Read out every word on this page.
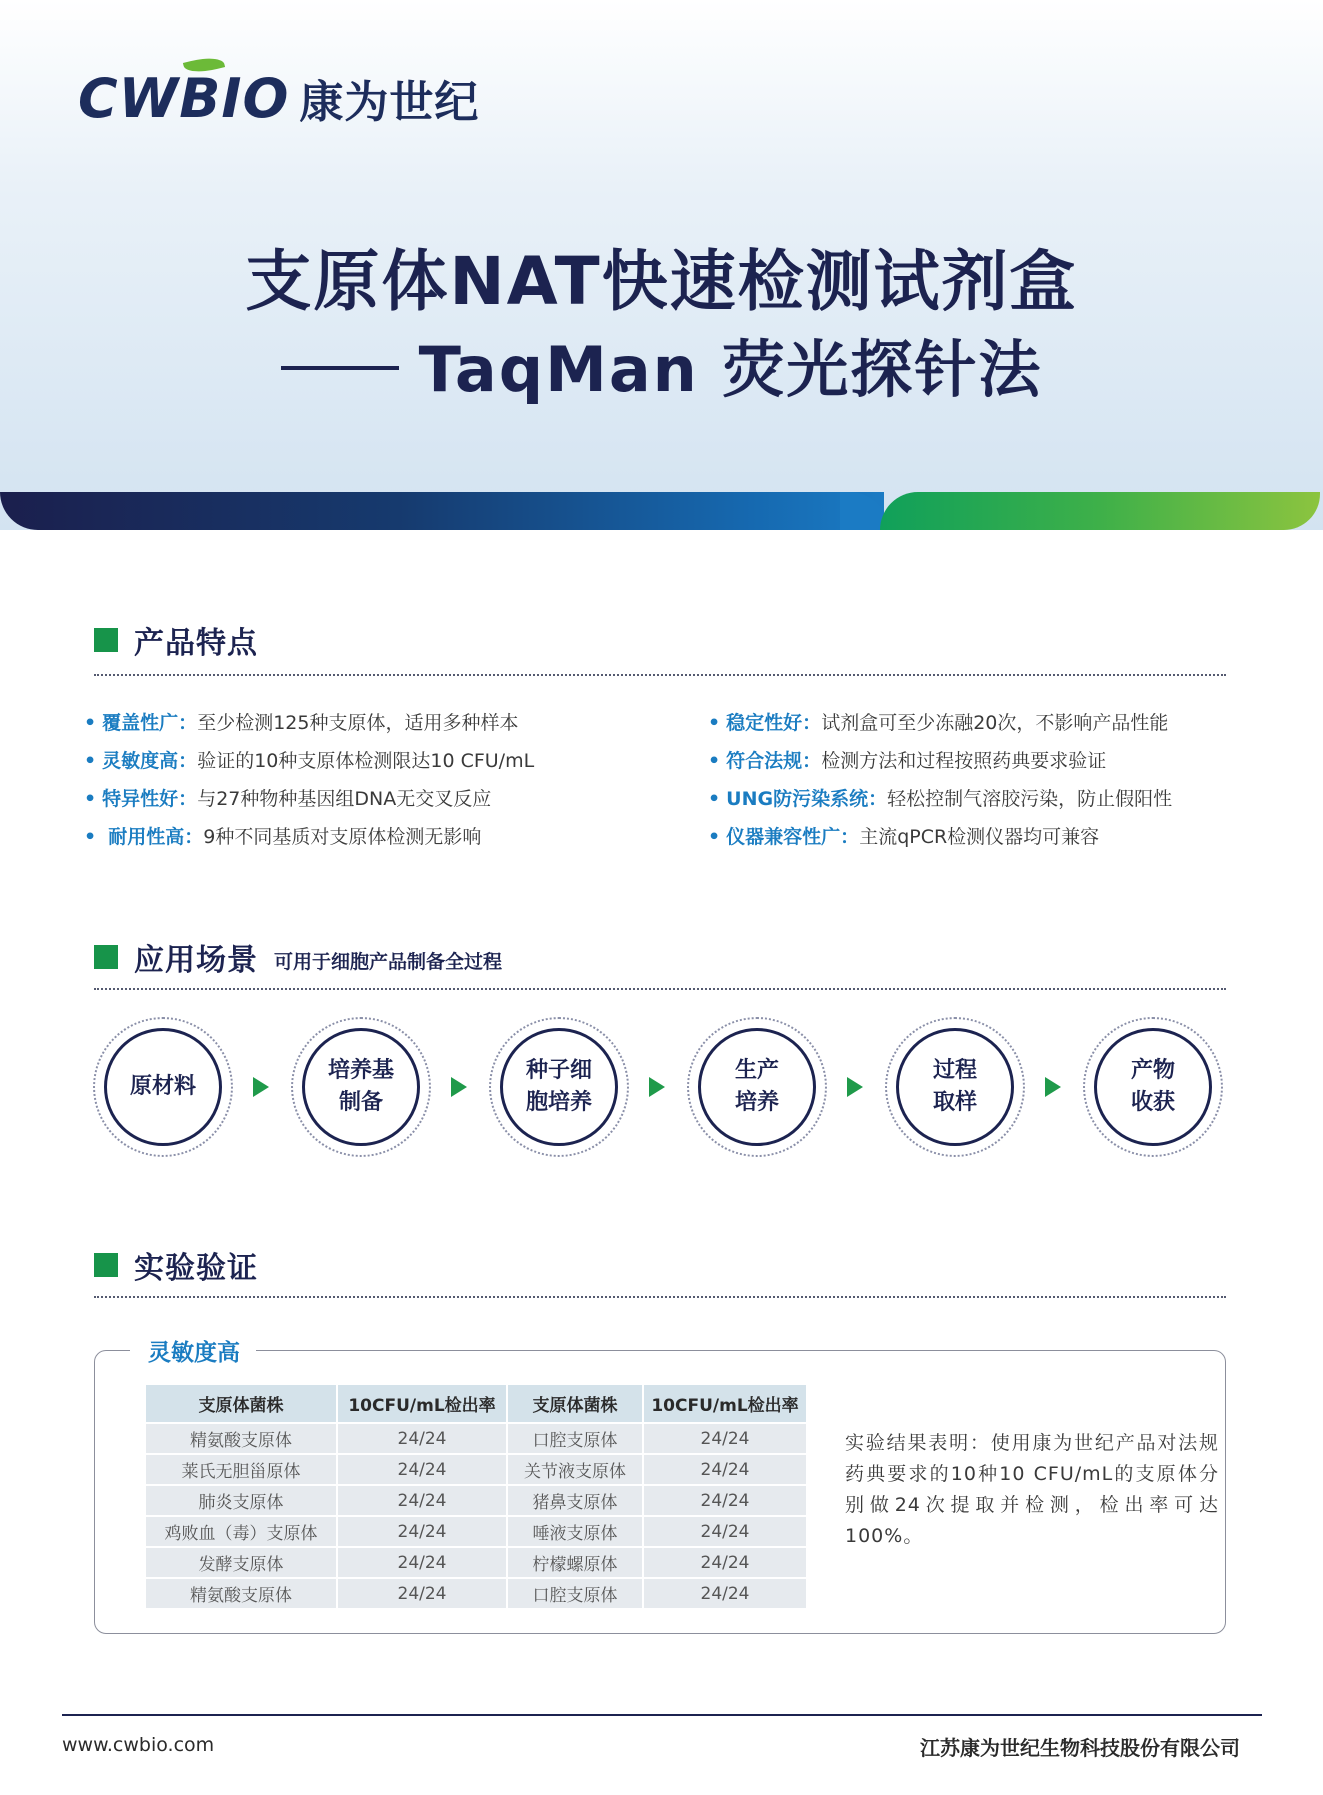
CWBIO 康为世纪
支原体NAT快速检测试剂盒
TaqMan 荧光探针法
产品特点
• 覆盖性广：至少检测125种支原体，适用多种样本
• 灵敏度高：验证的10种支原体检测限达10 CFU/mL
• 特异性好：与27种物种基因组DNA无交叉反应
• 耐用性高：9种不同基质对支原体检测无影响
• 稳定性好：试剂盒可至少冻融20次，不影响产品性能
• 符合法规：检测方法和过程按照药典要求验证
• UNG防污染系统：轻松控制气溶胶污染，防止假阳性
• 仪器兼容性广：主流qPCR检测仪器均可兼容
应用场景 可用于细胞产品制备全过程
原材料
培养基制备
种子细胞培养
生产培养
过程取样
产物收获
实验验证
灵敏度高
支原体菌株	10CFU/mL检出率	支原体菌株	10CFU/mL检出率
精氨酸支原体	24/24	口腔支原体	24/24
莱氏无胆甾原体	24/24	关节液支原体	24/24
肺炎支原体	24/24	猪鼻支原体	24/24
鸡败血（毒）支原体	24/24	唾液支原体	24/24
发酵支原体	24/24	柠檬螺原体	24/24
精氨酸支原体	24/24	口腔支原体	24/24
实验结果表明：使用康为世纪产品对法规药典要求的10种10 CFU/mL的支原体分别做24次提取并检测，检出率可达100%。
www.cwbio.com	江苏康为世纪生物科技股份有限公司
